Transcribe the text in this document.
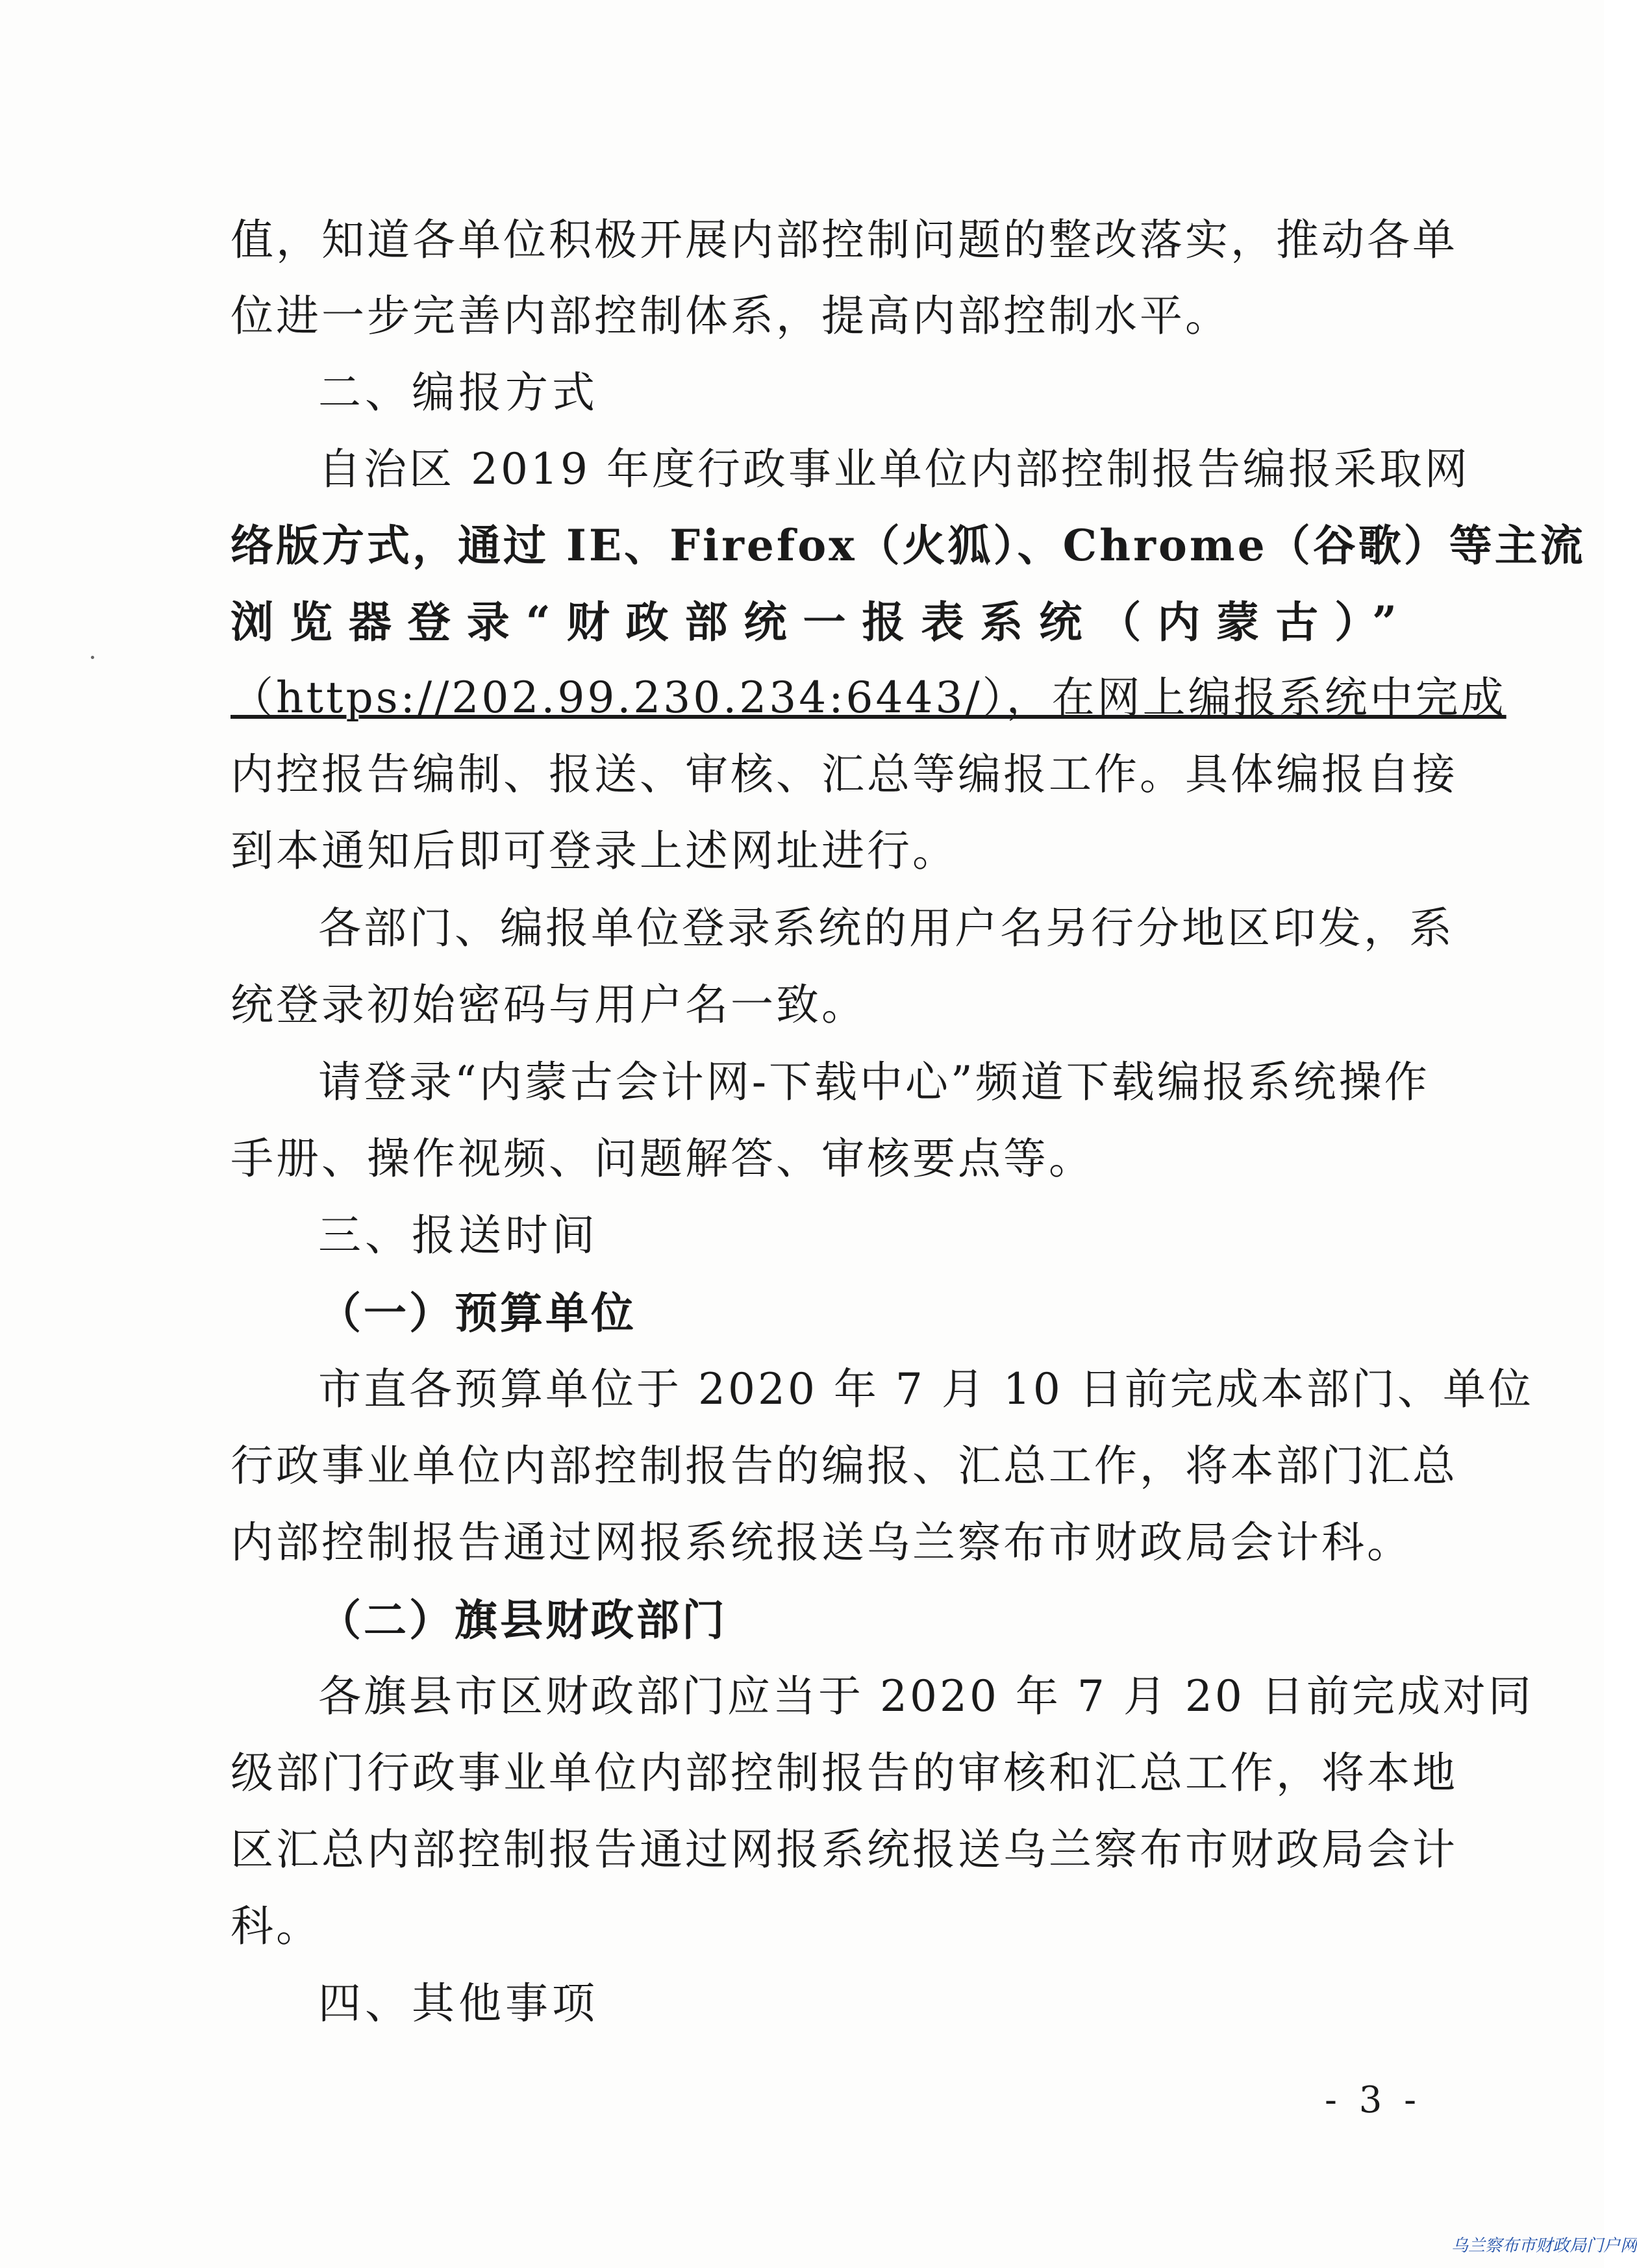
值，知道各单位积极开展内部控制问题的整改落实，推动各单
位进一步完善内部控制体系，提高内部控制水平。
二、编报方式
自治区 2019 年度行政事业单位内部控制报告编报采取网
络版方式，通过 IE、Firefox（火狐）、Chrome（谷歌）等主流
浏览器登录“财政部统一报表系统（内蒙古）”
（https://202.99.230.234:6443/），在网上编报系统中完成
内控报告编制、报送、审核、汇总等编报工作。具体编报自接
到本通知后即可登录上述网址进行。
各部门、编报单位登录系统的用户名另行分地区印发，系
统登录初始密码与用户名一致。
请登录“内蒙古会计网-下载中心”频道下载编报系统操作
手册、操作视频、问题解答、审核要点等。
三、报送时间
（一）预算单位
市直各预算单位于 2020 年 7 月 10 日前完成本部门、单位
行政事业单位内部控制报告的编报、汇总工作，将本部门汇总
内部控制报告通过网报系统报送乌兰察布市财政局会计科。
（二）旗县财政部门
各旗县市区财政部门应当于 2020 年 7 月 20 日前完成对同
级部门行政事业单位内部控制报告的审核和汇总工作，将本地
区汇总内部控制报告通过网报系统报送乌兰察布市财政局会计
科。
四、其他事项
- 3 -
乌兰察布市财政局门户网
